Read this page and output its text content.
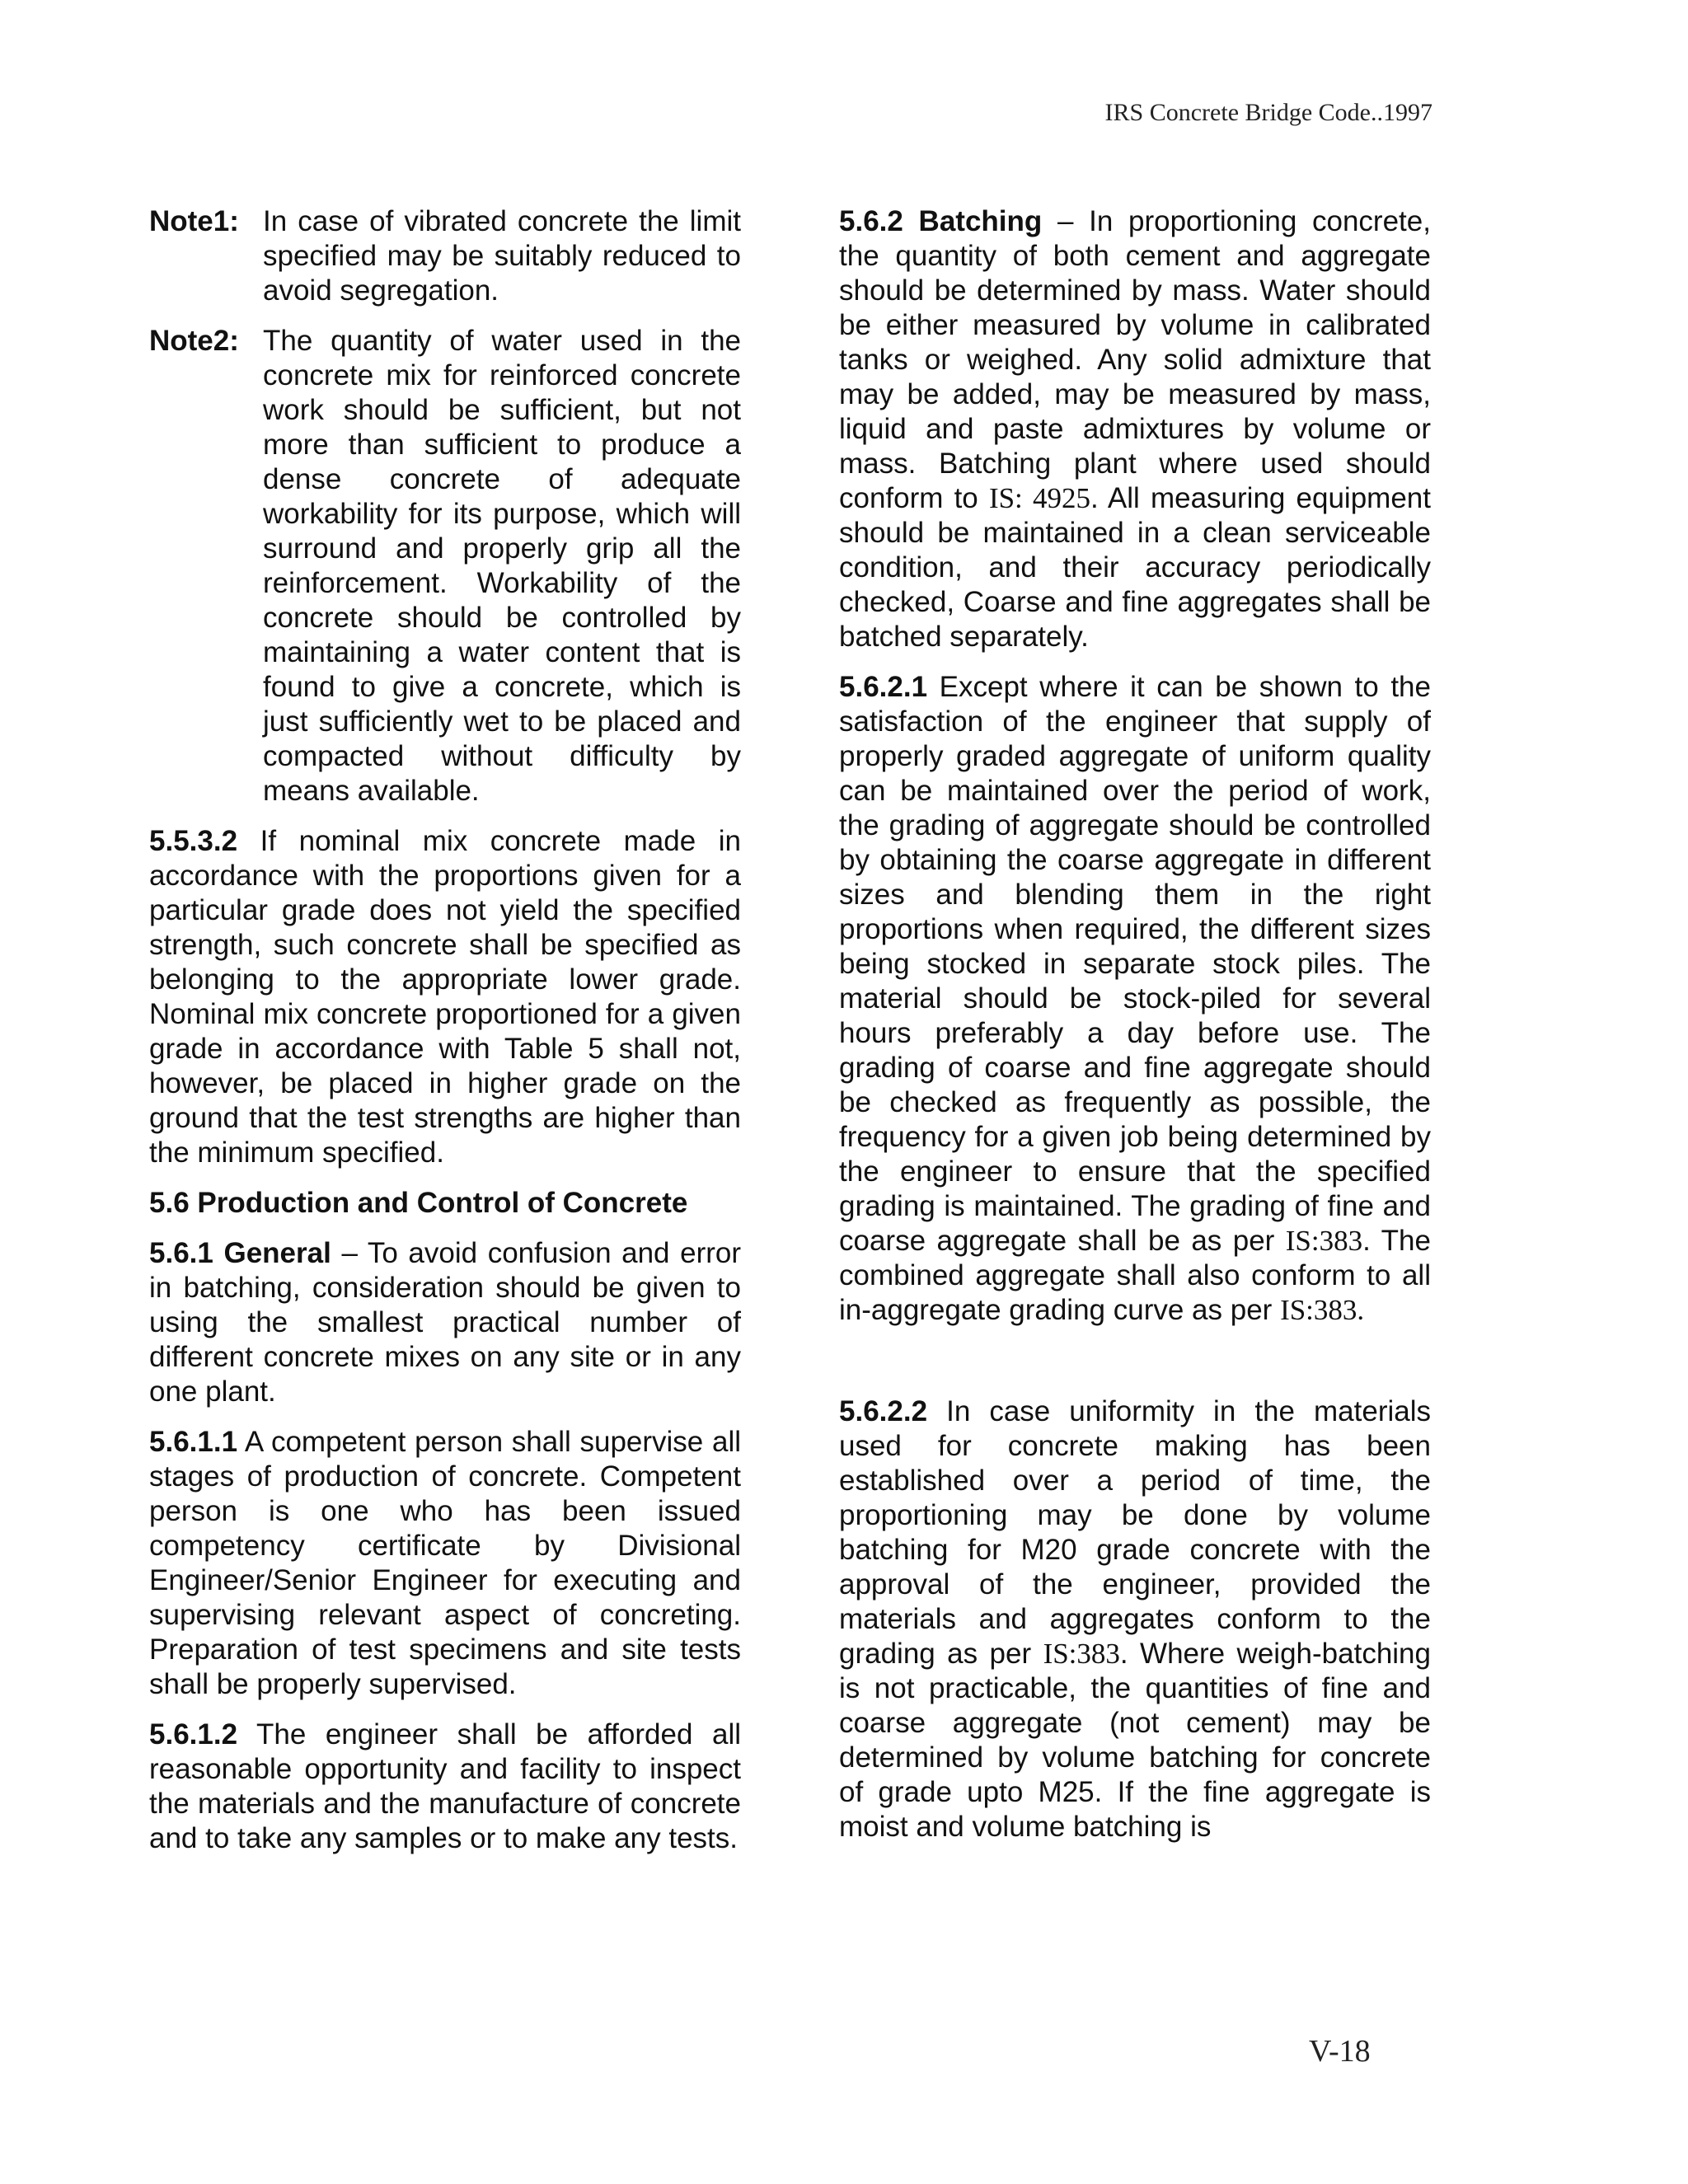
IRS Concrete Bridge Code..1997
Note1: In case of vibrated concrete the limit specified may be suitably reduced to avoid segregation.
Note2: The quantity of water used in the concrete mix for reinforced concrete work should be sufficient, but not more than sufficient to produce a dense concrete of adequate workability for its purpose, which will surround and properly grip all the reinforcement. Workability of the concrete should be controlled by maintaining a water content that is found to give a concrete, which is just sufficiently wet to be placed and compacted without difficulty by means available.

5.5.3.2 If nominal mix concrete made in accordance with the proportions given for a particular grade does not yield the specified strength, such concrete shall be specified as belonging to the appropriate lower grade. Nominal mix concrete proportioned for a given grade in accordance with Table 5 shall not, however, be placed in higher grade on the ground that the test strengths are higher than the minimum specified.

5.6 Production and Control of Concrete

5.6.1 General – To avoid confusion and error in batching, consideration should be given to using the smallest practical number of different concrete mixes on any site or in any one plant.

5.6.1.1 A competent person shall supervise all stages of production of concrete. Competent person is one who has been issued competency certificate by Divisional Engineer/Senior Engineer for executing and supervising relevant aspect of concreting. Preparation of test specimens and site tests shall be properly supervised.

5.6.1.2 The engineer shall be afforded all reasonable opportunity and facility to inspect the materials and the manufacture of concrete and to take any samples or to make any tests.

5.6.2 Batching – In proportioning concrete, the quantity of both cement and aggregate should be determined by mass. Water should be either measured by volume in calibrated tanks or weighed. Any solid admixture that may be added, may be measured by mass, liquid and paste admixtures by volume or mass. Batching plant where used should conform to IS: 4925. All measuring equipment should be maintained in a clean serviceable condition, and their accuracy periodically checked, Coarse and fine aggregates shall be batched separately.

5.6.2.1 Except where it can be shown to the satisfaction of the engineer that supply of properly graded aggregate of uniform quality can be maintained over the period of work, the grading of aggregate should be controlled by obtaining the coarse aggregate in different sizes and blending them in the right proportions when required, the different sizes being stocked in separate stock piles. The material should be stock-piled for several hours preferably a day before use. The grading of coarse and fine aggregate should be checked as frequently as possible, the frequency for a given job being determined by the engineer to ensure that the specified grading is maintained. The grading of fine and coarse aggregate shall be as per IS:383. The combined aggregate shall also conform to all in-aggregate grading curve as per IS:383.

5.6.2.2 In case uniformity in the materials used for concrete making has been established over a period of time, the proportioning may be done by volume batching for M20 grade concrete with the approval of the engineer, provided the materials and aggregates conform to the grading as per IS:383. Where weigh-batching is not practicable, the quantities of fine and coarse aggregate (not cement) may be determined by volume batching for concrete of grade upto M25. If the fine aggregate is moist and volume batching is

V-18
